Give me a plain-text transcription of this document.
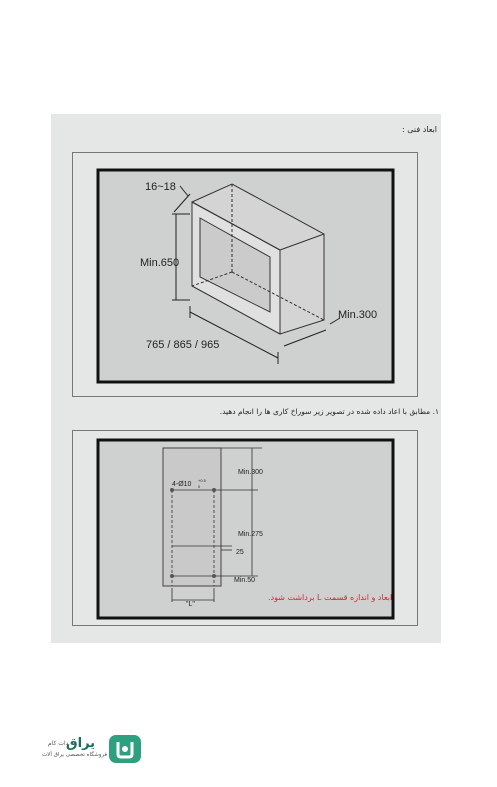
ابعاد فنی :
16~18
Min.650
Min.300
765 / 865 / 965
۱. مطابق با اعاد داده شده در تصویر زیر سوراخ کاری ها را انجام دهید.
Min.300
4-Ø10
+0.5
0
Min.275
25
Min.50
"L"
ابعاد و اندازه قسمت L برداشت شود.
یراق
دات کام
فروشگاه تخصصی یراق آلات
